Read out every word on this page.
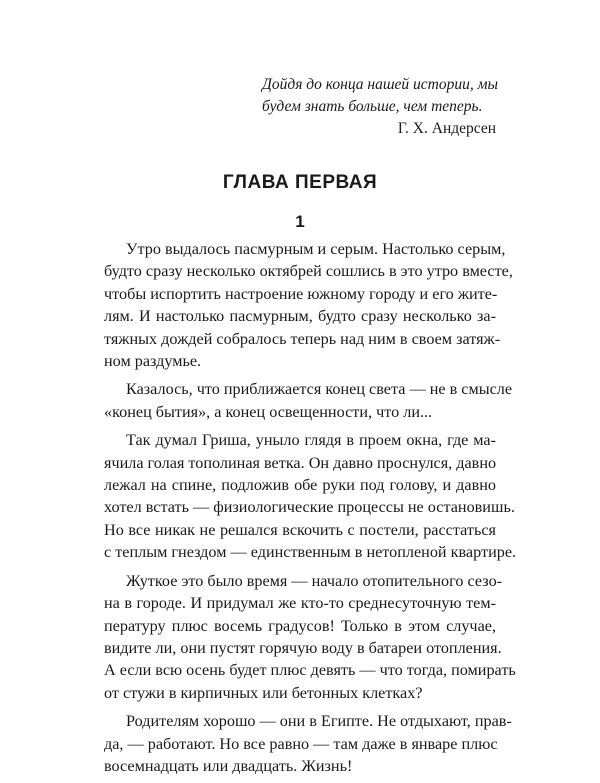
Дойдя до конца нашей истории, мы
будем знать больше, чем теперь.
Г. Х. Андерсен
ГЛАВА ПЕРВАЯ
1
Утро выдалось пасмурным и серым. Настолько серым,
будто сразу несколько октябрей сошлись в это утро вместе,
чтобы испортить настроение южному городу и его жите-
лям. И настолько пасмурным, будто сразу несколько за-
тяжных дождей собралось теперь над ним в своем затяж-
ном раздумье.
Казалось, что приближается конец света — не в смысле
«конец бытия», а конец освещенности, что ли...
Так думал Гриша, уныло глядя в проем окна, где ма-
ячила голая тополиная ветка. Он давно проснулся, давно
лежал на спине, подложив обе руки под голову, и давно
хотел встать — физиологические процессы не остановишь.
Но все никак не решался вскочить с постели, расстаться
с теплым гнездом — единственным в нетопленой квартире.
Жуткое это было время — начало отопительного сезо-
на в городе. И придумал же кто-то среднесуточную тем-
пературу плюс восемь градусов! Только в этом случае,
видите ли, они пустят горячую воду в батареи отопления.
А если всю осень будет плюс девять — что тогда, помирать
от стужи в кирпичных или бетонных клетках?
Родителям хорошо — они в Египте. Не отдыхают, прав-
да, — работают. Но все равно — там даже в январе плюс
восемнадцать или двадцать. Жизнь!
